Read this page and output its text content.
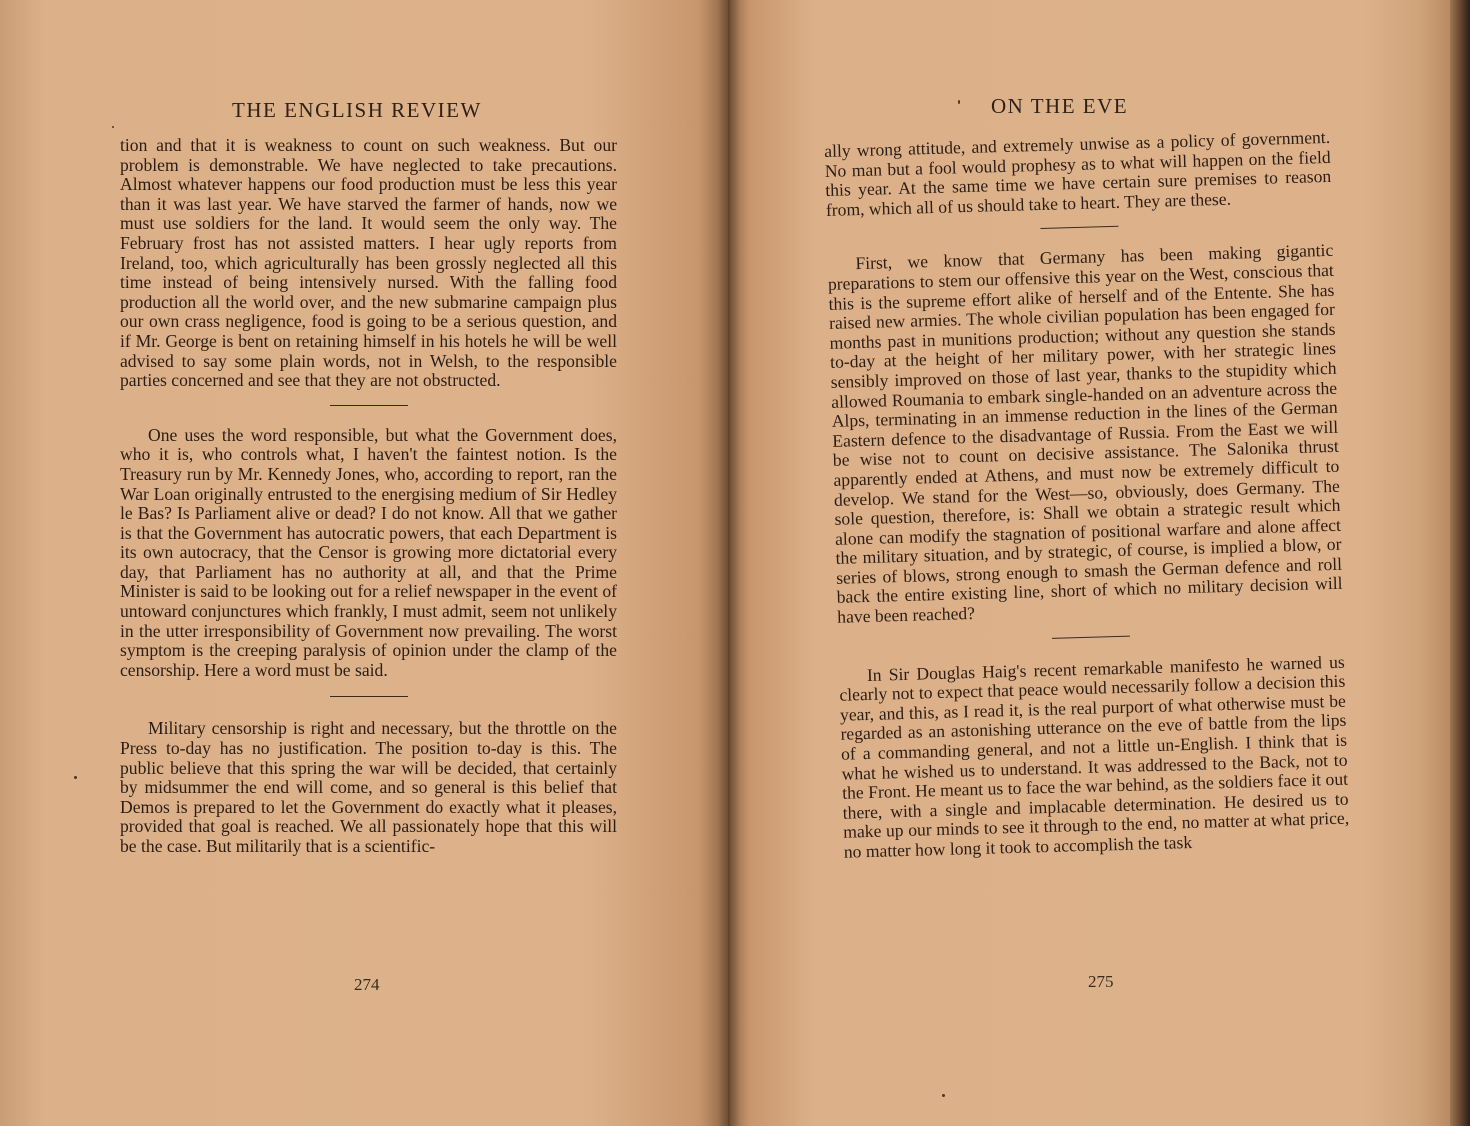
THE ENGLISH REVIEW

tion and that it is weakness to count on such weakness. But our problem is demonstrable. We have neglected to take precautions. Almost whatever happens our food production must be less this year than it was last year. We have starved the farmer of hands, now we must use soldiers for the land. It would seem the only way. The February frost has not assisted matters. I hear ugly reports from Ireland, too, which agriculturally has been grossly neglected all this time instead of being intensively nursed. With the falling food production all the world over, and the new submarine campaign plus our own crass negligence, food is going to be a serious question, and if Mr. George is bent on retaining himself in his hotels he will be well advised to say some plain words, not in Welsh, to the responsible parties concerned and see that they are not obstructed.

One uses the word responsible, but what the Government does, who it is, who controls what, I haven't the faintest notion. Is the Treasury run by Mr. Kennedy Jones, who, according to report, ran the War Loan originally entrusted to the energising medium of Sir Hedley le Bas? Is Parliament alive or dead? I do not know. All that we gather is that the Government has autocratic powers, that each Department is its own autocracy, that the Censor is growing more dictatorial every day, that Parliament has no authority at all, and that the Prime Minister is said to be looking out for a relief newspaper in the event of untoward conjunctures which frankly, I must admit, seem not unlikely in the utter irresponsibility of Government now prevailing. The worst symptom is the creeping paralysis of opinion under the clamp of the censorship. Here a word must be said.

Military censorship is right and necessary, but the throttle on the Press to-day has no justification. The position to-day is this. The public believe that this spring the war will be decided, that certainly by midsummer the end will come, and so general is this belief that Demos is prepared to let the Government do exactly what it pleases, provided that goal is reached. We all passionately hope that this will be the case. But militarily that is a scientific-

274
ON THE EVE

ally wrong attitude, and extremely unwise as a policy of government. No man but a fool would prophesy as to what will happen on the field this year. At the same time we have certain sure premises to reason from, which all of us should take to heart. They are these.

First, we know that Germany has been making gigantic preparations to stem our offensive this year on the West, conscious that this is the supreme effort alike of herself and of the Entente. She has raised new armies. The whole civilian population has been engaged for months past in munitions production; without any question she stands to-day at the height of her military power, with her strategic lines sensibly improved on those of last year, thanks to the stupidity which allowed Roumania to embark single-handed on an adventure across the Alps, terminating in an immense reduction in the lines of the German Eastern defence to the disadvantage of Russia. From the East we will be wise not to count on decisive assistance. The Salonika thrust apparently ended at Athens, and must now be extremely difficult to develop. We stand for the West—so, obviously, does Germany. The sole question, therefore, is: Shall we obtain a strategic result which alone can modify the stagnation of positional warfare and alone affect the military situation, and by strategic, of course, is implied a blow, or series of blows, strong enough to smash the German defence and roll back the entire existing line, short of which no military decision will have been reached?

In Sir Douglas Haig's recent remarkable manifesto he warned us clearly not to expect that peace would necessarily follow a decision this year, and this, as I read it, is the real purport of what otherwise must be regarded as an astonishing utterance on the eve of battle from the lips of a commanding general, and not a little un-English. I think that is what he wished us to understand. It was addressed to the Back, not to the Front. He meant us to face the war behind, as the soldiers face it out there, with a single and implacable determination. He desired us to make up our minds to see it through to the end, no matter at what price, no matter how long it took to accomplish the task

275
